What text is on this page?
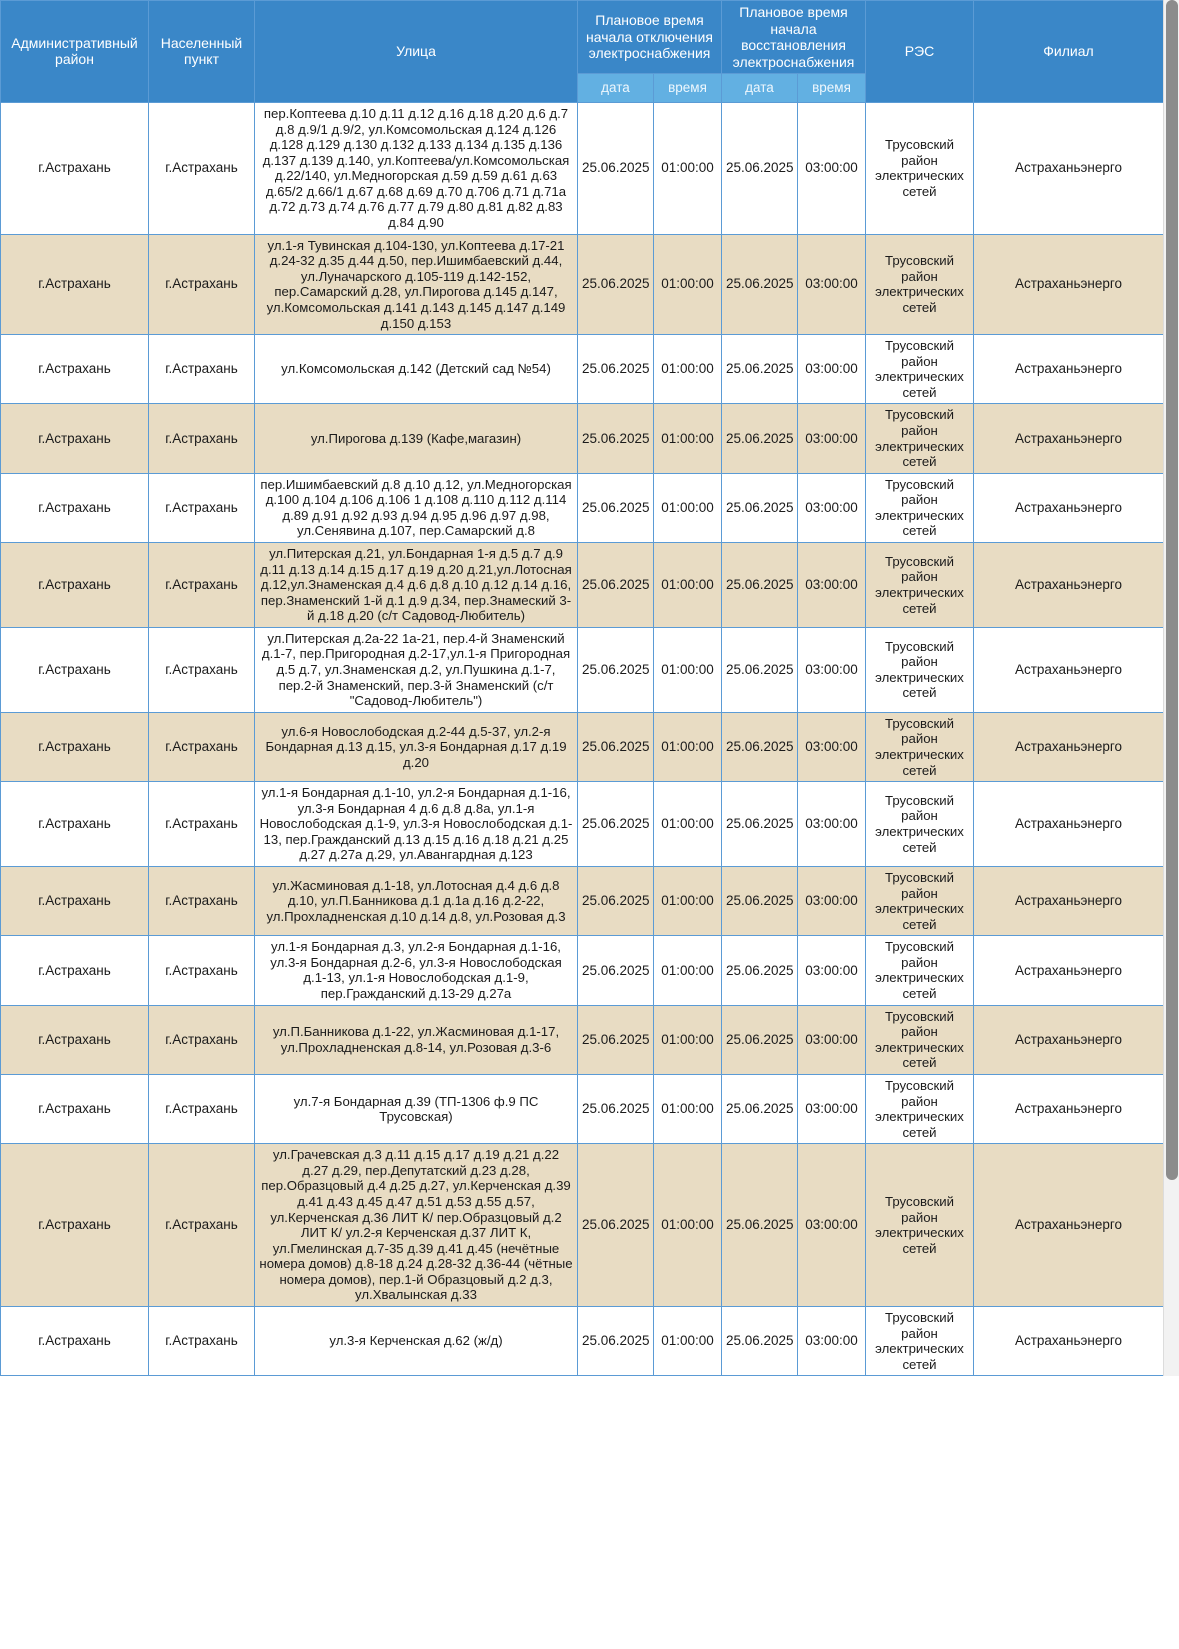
Административный район	Населенный пункт	Улица	Плановое время начала отключения электроснабжения		Плановое время начала восстановления электроснабжения		РЭС	Филиал
			дата	время	дата	время		
г.Астрахань	г.Астрахань	пер.Коптеева д.10 д.11 д.12 д.16 д.18 д.20 д.6 д.7 д.8 д.9/1 д.9/2, ул.Комсомольская д.124 д.126 д.128 д.129 д.130 д.132 д.133 д.134 д.135 д.136 д.137 д.139 д.140, ул.Коптеева/ул.Комсомольская д.22/140, ул.Медногорская д.59 д.59 д.61 д.63 д.65/2 д.66/1 д.67 д.68 д.69 д.70 д.706 д.71 д.71а д.72 д.73 д.74 д.76 д.77 д.79 д.80 д.81 д.82 д.83 д.84 д.90	25.06.2025	01:00:00	25.06.2025	03:00:00	Трусовский район электрических сетей	Астраханьэнерго
г.Астрахань	г.Астрахань	ул.1-я Тувинская д.104-130, ул.Коптеева д.17-21 д.24-32 д.35 д.44 д.50, пер.Ишимбаевский д.44, ул.Луначарского д.105-119 д.142-152, пер.Самарский д.28, ул.Пирогова д.145 д.147, ул.Комсомольская д.141 д.143 д.145 д.147 д.149 д.150 д.153	25.06.2025	01:00:00	25.06.2025	03:00:00	Трусовский район электрических сетей	Астраханьэнерго
г.Астрахань	г.Астрахань	ул.Комсомольская д.142 (Детский сад №54)	25.06.2025	01:00:00	25.06.2025	03:00:00	Трусовский район электрических сетей	Астраханьэнерго
г.Астрахань	г.Астрахань	ул.Пирогова д.139 (Кафе,магазин)	25.06.2025	01:00:00	25.06.2025	03:00:00	Трусовский район электрических сетей	Астраханьэнерго
г.Астрахань	г.Астрахань	пер.Ишимбаевский д.8 д.10 д.12, ул.Медногорская д.100 д.104 д.106 д.106 1 д.108 д.110 д.112 д.114 д.89 д.91 д.92 д.93 д.94 д.95 д.96 д.97 д.98, ул.Сенявина д.107, пер.Самарский д.8	25.06.2025	01:00:00	25.06.2025	03:00:00	Трусовский район электрических сетей	Астраханьэнерго
г.Астрахань	г.Астрахань	ул.Питерская д.21, ул.Бондарная 1-я д.5 д.7 д.9 д.11 д.13 д.14 д.15 д.17 д.19 д.20 д.21,ул.Лотосная д.12,ул.Знаменская д.4 д.6 д.8 д.10 д.12 д.14 д.16, пер.Знаменский 1-й д.1 д.9 д.34, пер.Знамеский 3-й д.18 д.20 (с/т Садовод-Любитель)	25.06.2025	01:00:00	25.06.2025	03:00:00	Трусовский район электрических сетей	Астраханьэнерго
г.Астрахань	г.Астрахань	ул.Питерская д.2а-22 1а-21, пер.4-й Знаменский д.1-7, пер.Пригородная д.2-17,ул.1-я Пригородная д.5 д.7, ул.Знаменская д.2, ул.Пушкина д.1-7, пер.2-й Знаменский, пер.3-й Знаменский (с/т "Садовод-Любитель")	25.06.2025	01:00:00	25.06.2025	03:00:00	Трусовский район электрических сетей	Астраханьэнерго
г.Астрахань	г.Астрахань	ул.6-я Новослободская д.2-44 д.5-37, ул.2-я Бондарная д.13 д.15, ул.3-я Бондарная д.17 д.19 д.20	25.06.2025	01:00:00	25.06.2025	03:00:00	Трусовский район электрических сетей	Астраханьэнерго
г.Астрахань	г.Астрахань	ул.1-я Бондарная д.1-10, ул.2-я Бондарная д.1-16, ул.3-я Бондарная 4 д.6 д.8 д.8а, ул.1-я Новослободская д.1-9, ул.3-я Новослободская д.1-13, пер.Гражданский д.13 д.15 д.16 д.18 д.21 д.25 д.27 д.27а д.29, ул.Авангардная д.123	25.06.2025	01:00:00	25.06.2025	03:00:00	Трусовский район электрических сетей	Астраханьэнерго
г.Астрахань	г.Астрахань	ул.Жасминовая д.1-18, ул.Лотосная д.4 д.6 д.8 д.10, ул.П.Банникова д.1 д.1а д.16 д.2-22, ул.Прохладненская д.10 д.14 д.8, ул.Розовая д.3	25.06.2025	01:00:00	25.06.2025	03:00:00	Трусовский район электрических сетей	Астраханьэнерго
г.Астрахань	г.Астрахань	ул.1-я Бондарная д.3, ул.2-я Бондарная д.1-16, ул.3-я Бондарная д.2-6, ул.3-я Новослободская д.1-13, ул.1-я Новослободская д.1-9, пер.Гражданский д.13-29 д.27а	25.06.2025	01:00:00	25.06.2025	03:00:00	Трусовский район электрических сетей	Астраханьэнерго
г.Астрахань	г.Астрахань	ул.П.Банникова д.1-22, ул.Жасминовая д.1-17, ул.Прохладненская д.8-14, ул.Розовая д.3-6	25.06.2025	01:00:00	25.06.2025	03:00:00	Трусовский район электрических сетей	Астраханьэнерго
г.Астрахань	г.Астрахань	ул.7-я Бондарная д.39 (ТП-1306 ф.9 ПС Трусовская)	25.06.2025	01:00:00	25.06.2025	03:00:00	Трусовский район электрических сетей	Астраханьэнерго
г.Астрахань	г.Астрахань	ул.Грачевская д.3 д.11 д.15 д.17 д.19 д.21 д.22 д.27 д.29, пер.Депутатский д.23 д.28, пер.Образцовый д.4 д.25 д.27, ул.Керченская д.39 д.41 д.43 д.45 д.47 д.51 д.53 д.55 д.57, ул.Керченская д.36 ЛИТ К/ пер.Образцовый д.2 ЛИТ К/ ул.2-я Керченская д.37 ЛИТ К, ул.Гмелинская д.7-35 д.39 д.41 д.45 (нечётные номера домов) д.8-18 д.24 д.28-32 д.36-44 (чётные номера домов), пер.1-й Образцовый д.2 д.3, ул.Хвалынская д.33	25.06.2025	01:00:00	25.06.2025	03:00:00	Трусовский район электрических сетей	Астраханьэнерго
г.Астрахань	г.Астрахань	ул.3-я Керченская д.62 (ж/д)	25.06.2025	01:00:00	25.06.2025	03:00:00	Трусовский район электрических сетей	Астраханьэнерго
